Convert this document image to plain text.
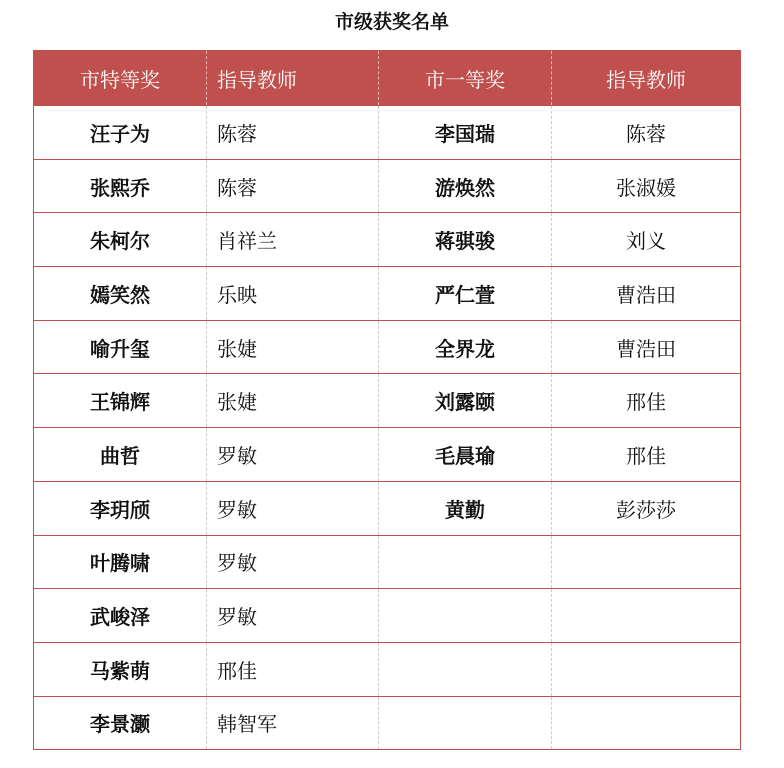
市级获奖名单
市特等奖	指导教师	市一等奖	指导教师
汪子为	陈蓉	李国瑞	陈蓉
张熙乔	陈蓉	游焕然	张淑媛
朱柯尔	肖祥兰	蒋骐骏	刘义
嫣笑然	乐映	严仁萱	曹浩田
喻升玺	张婕	全界龙	曹浩田
王锦辉	张婕	刘露颐	邢佳
曲哲	罗敏	毛晨瑜	邢佳
李玥颀	罗敏	黄勤	彭莎莎
叶腾啸	罗敏		
武峻泽	罗敏		
马紫萌	邢佳		
李景灏	韩智军		
